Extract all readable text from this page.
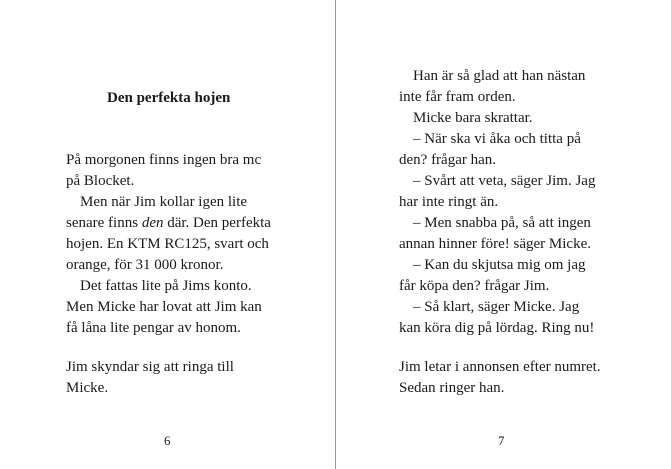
Den perfekta hojen
På morgonen finns ingen bra mc
på Blocket.
Men när Jim kollar igen lite
senare finns den där. Den perfekta
hojen. En KTM RC125, svart och
orange, för 31 000 kronor.
Det fattas lite på Jims konto.
Men Micke har lovat att Jim kan
få låna lite pengar av honom.
Jim skyndar sig att ringa till
Micke.
6
Han är så glad att han nästan
inte får fram orden.
Micke bara skrattar.
– När ska vi åka och titta på
den? frågar han.
– Svårt att veta, säger Jim. Jag
har inte ringt än.
– Men snabba på, så att ingen
annan hinner före! säger Micke.
– Kan du skjutsa mig om jag
får köpa den? frågar Jim.
– Så klart, säger Micke. Jag
kan köra dig på lördag. Ring nu!
Jim letar i annonsen efter numret.
Sedan ringer han.
7
